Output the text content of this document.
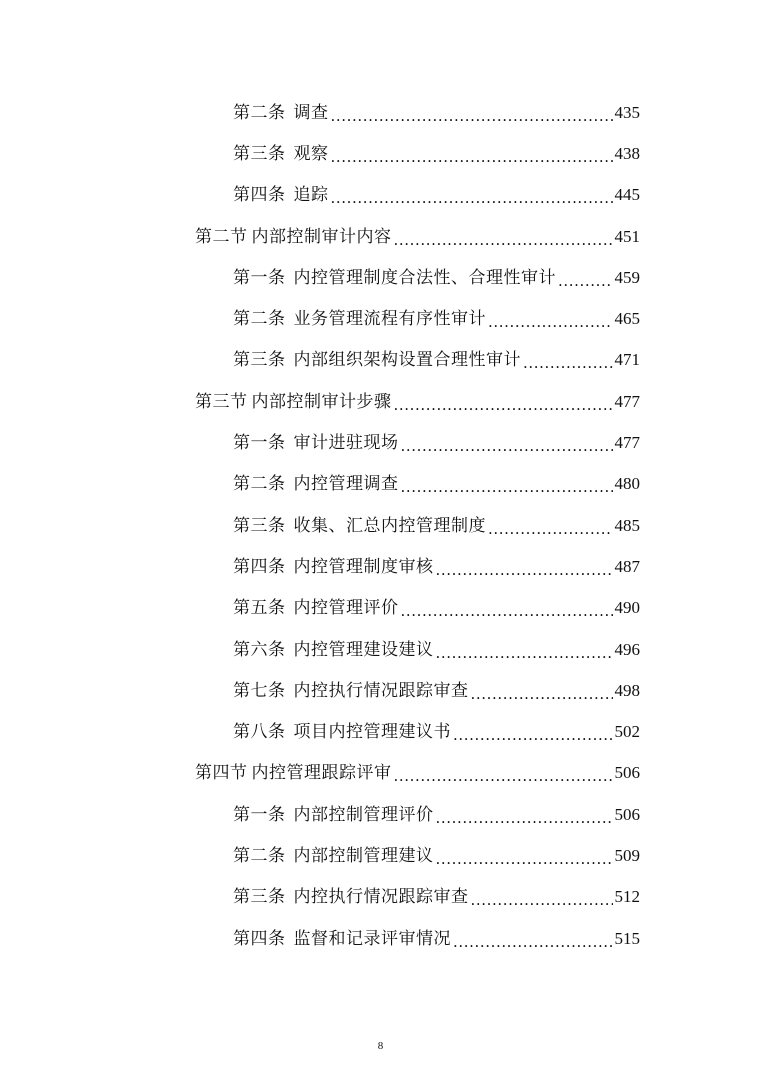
第二条 调查 .....	435
第三条 观察 .....	438
第四条 追踪 .....	445
第二节 内部控制审计内容 .....	451
第一条 内控管理制度合法性、合理性审计 .....	459
第二条 业务管理流程有序性审计 .....	465
第三条 内部组织架构设置合理性审计 .....	471
第三节 内部控制审计步骤 .....	477
第一条 审计进驻现场 .....	477
第二条 内控管理调查 .....	480
第三条 收集、汇总内控管理制度 .....	485
第四条 内控管理制度审核 .....	487
第五条 内控管理评价 .....	490
第六条 内控管理建设建议 .....	496
第七条 内控执行情况跟踪审查 .....	498
第八条 项目内控管理建议书 .....	502
第四节 内控管理跟踪评审 .....	506
第一条 内部控制管理评价 .....	506
第二条 内部控制管理建议 .....	509
第三条 内控执行情况跟踪审查 .....	512
第四条 监督和记录评审情况 .....	515
8
